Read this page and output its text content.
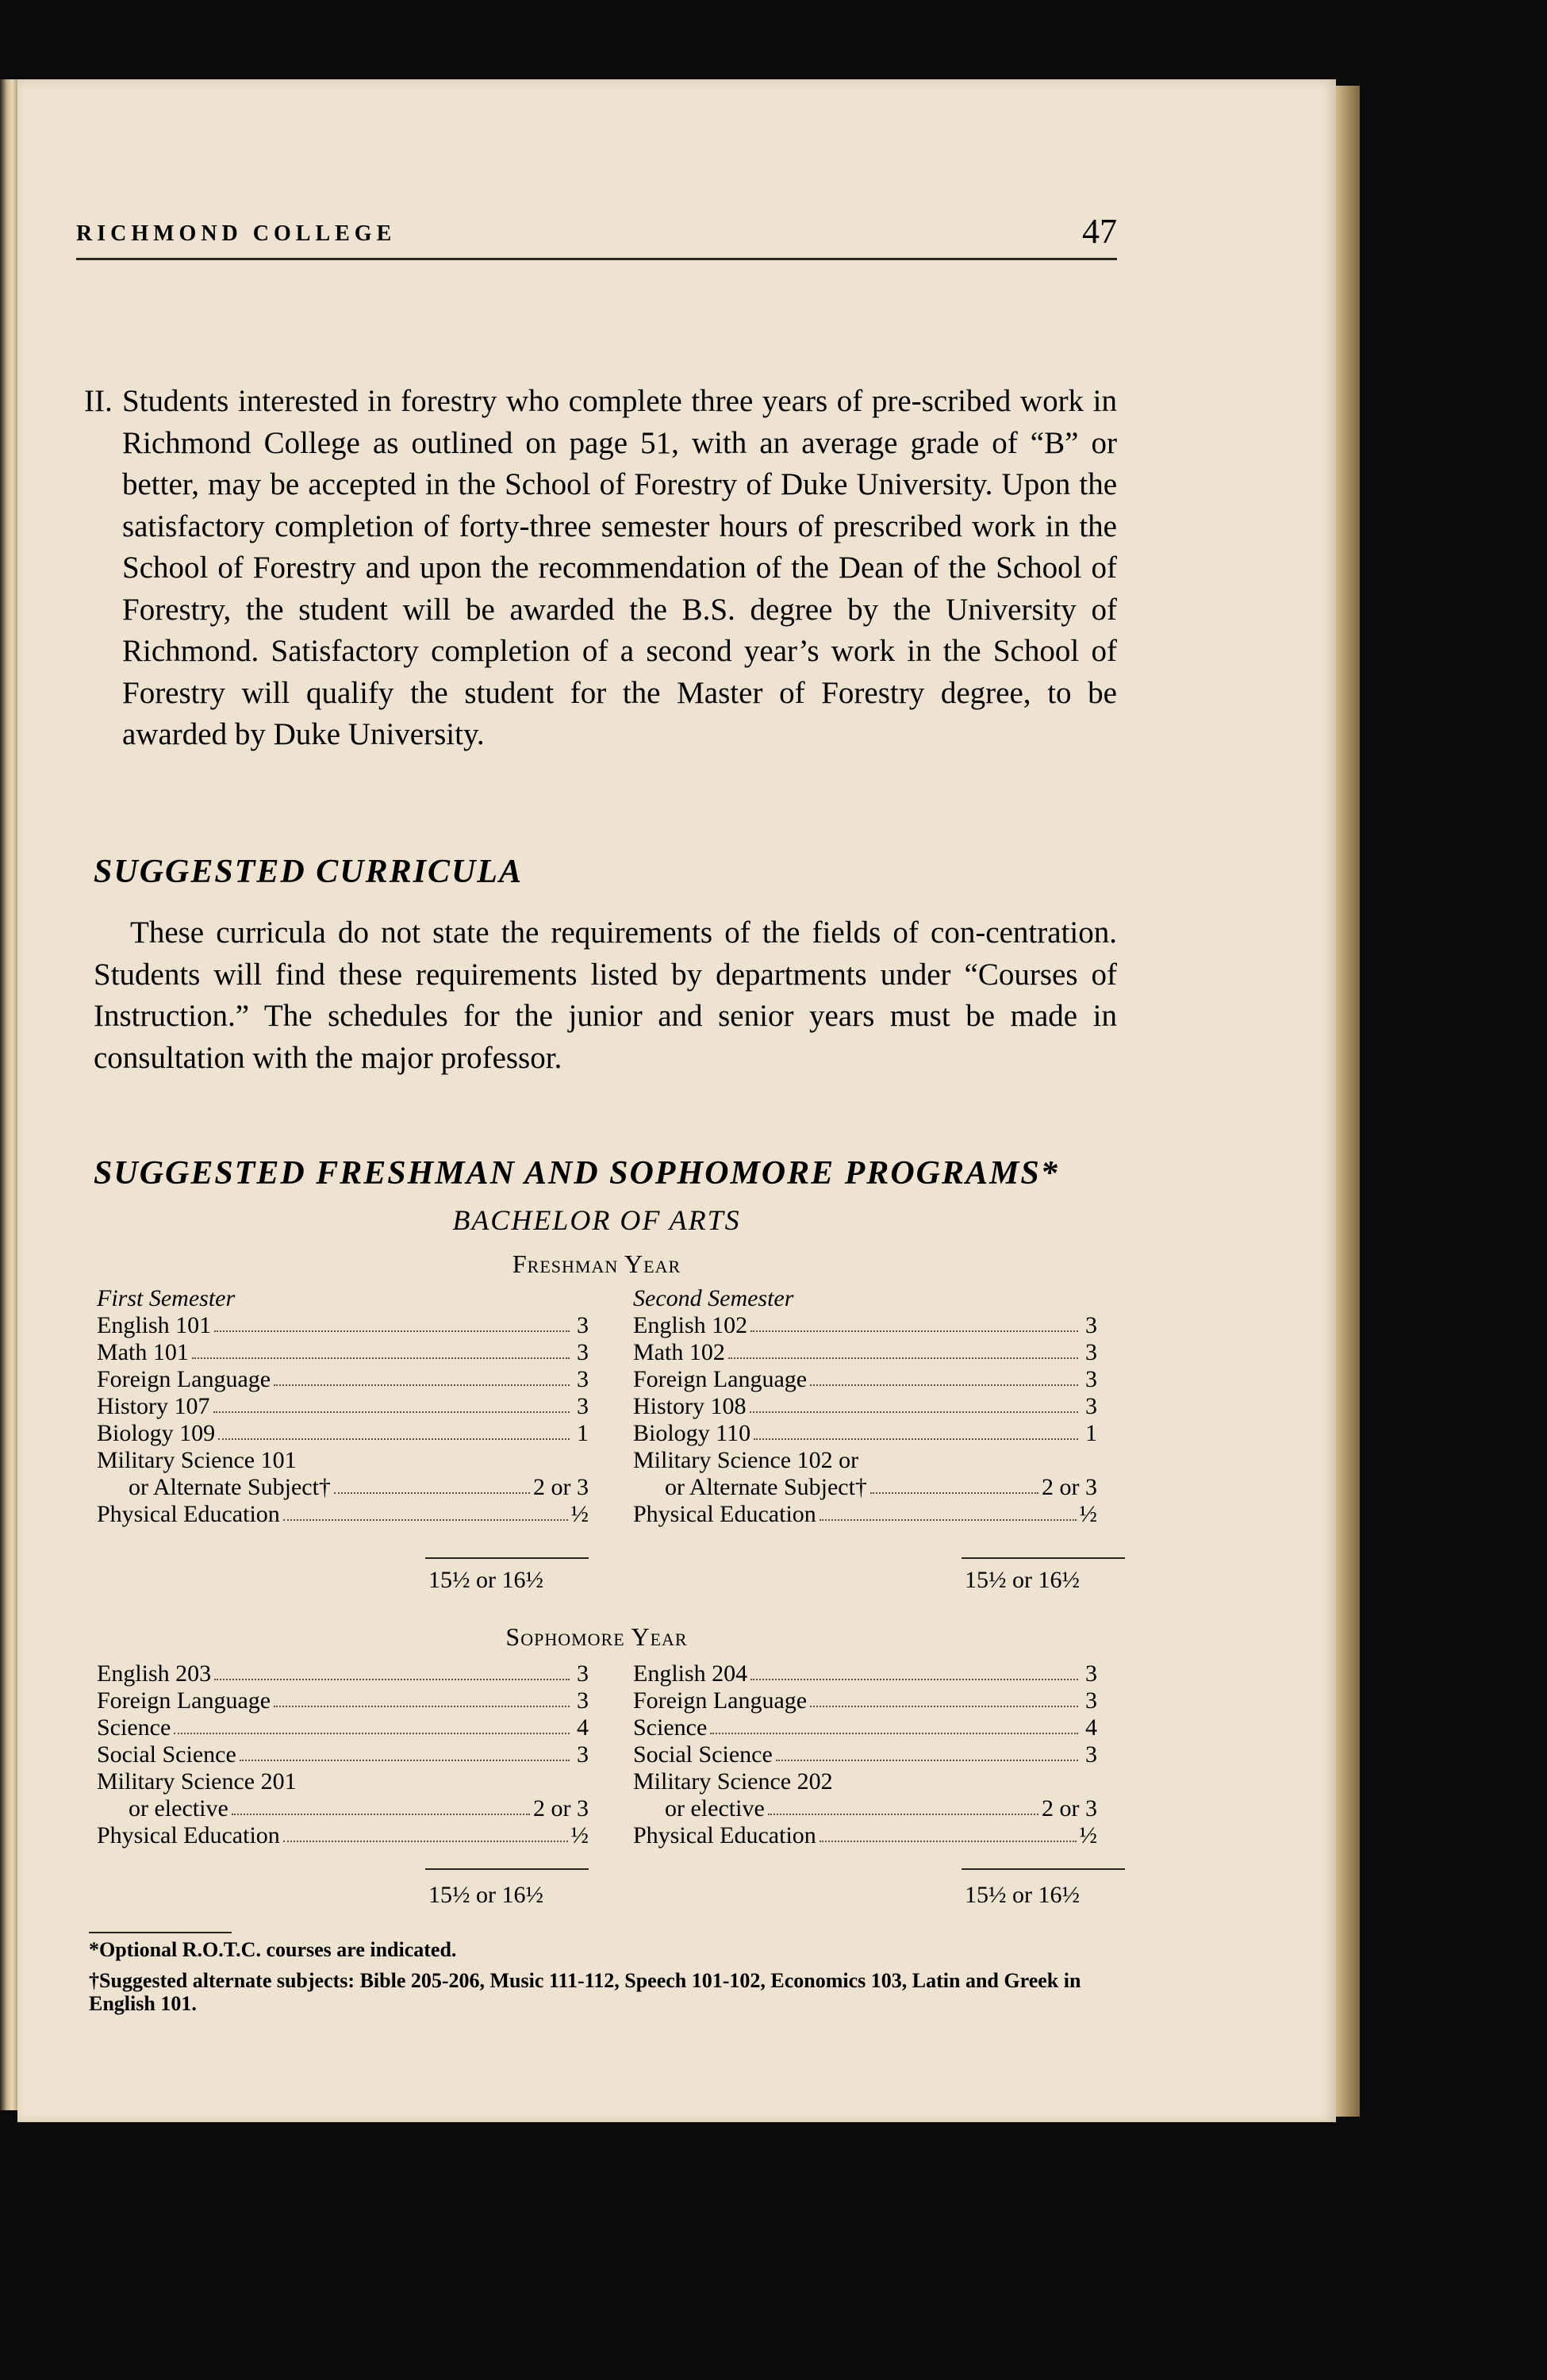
RICHMOND COLLEGE	47

Students interested in forestry who complete three years of pre-scribed work in Richmond College as outlined on page 51, with an average grade of “B” or better, may be accepted in the School of Forestry of Duke University. Upon the satisfactory completion of forty-three semester hours of prescribed work in the School of Forestry and upon the recommendation of the Dean of the School of Forestry, the student will be awarded the B.S. degree by the University of Richmond. Satisfactory completion of a second year’s work in the School of Forestry will qualify the student for the Master of Forestry degree, to be awarded by Duke University.

SUGGESTED CURRICULA

These curricula do not state the requirements of the fields of con-centration. Students will find these requirements listed by departments under “Courses of Instruction.” The schedules for the junior and senior years must be made in consultation with the major professor.

SUGGESTED FRESHMAN AND SOPHOMORE PROGRAMS*
BACHELOR OF ARTS
Freshman Year
First Semester
English 101	3
Math 101	3
Foreign Language	3
History 107	3
Biology 109	1
Military Science 101
or Alternate Subject†	2 or 3
Physical Education	½
Second Semester
English 102	3
Math 102	3
Foreign Language	3
History 108	3
Biology 110	1
Military Science 102 or
or Alternate Subject†	2 or 3
Physical Education	½
15½ or 16½	15½ or 16½
Sophomore Year
English 203	3
Foreign Language	3
Science	4
Social Science	3
Military Science 201
or elective	2 or 3
Physical Education	½
English 204	3
Foreign Language	3
Science	4
Social Science	3
Military Science 202
or elective	2 or 3
Physical Education	½
15½ or 16½	15½ or 16½

*Optional R.O.T.C. courses are indicated.

†Suggested alternate subjects: Bible 205-206, Music 111-112, Speech 101-102, Economics 103, Latin and Greek in English 101.
